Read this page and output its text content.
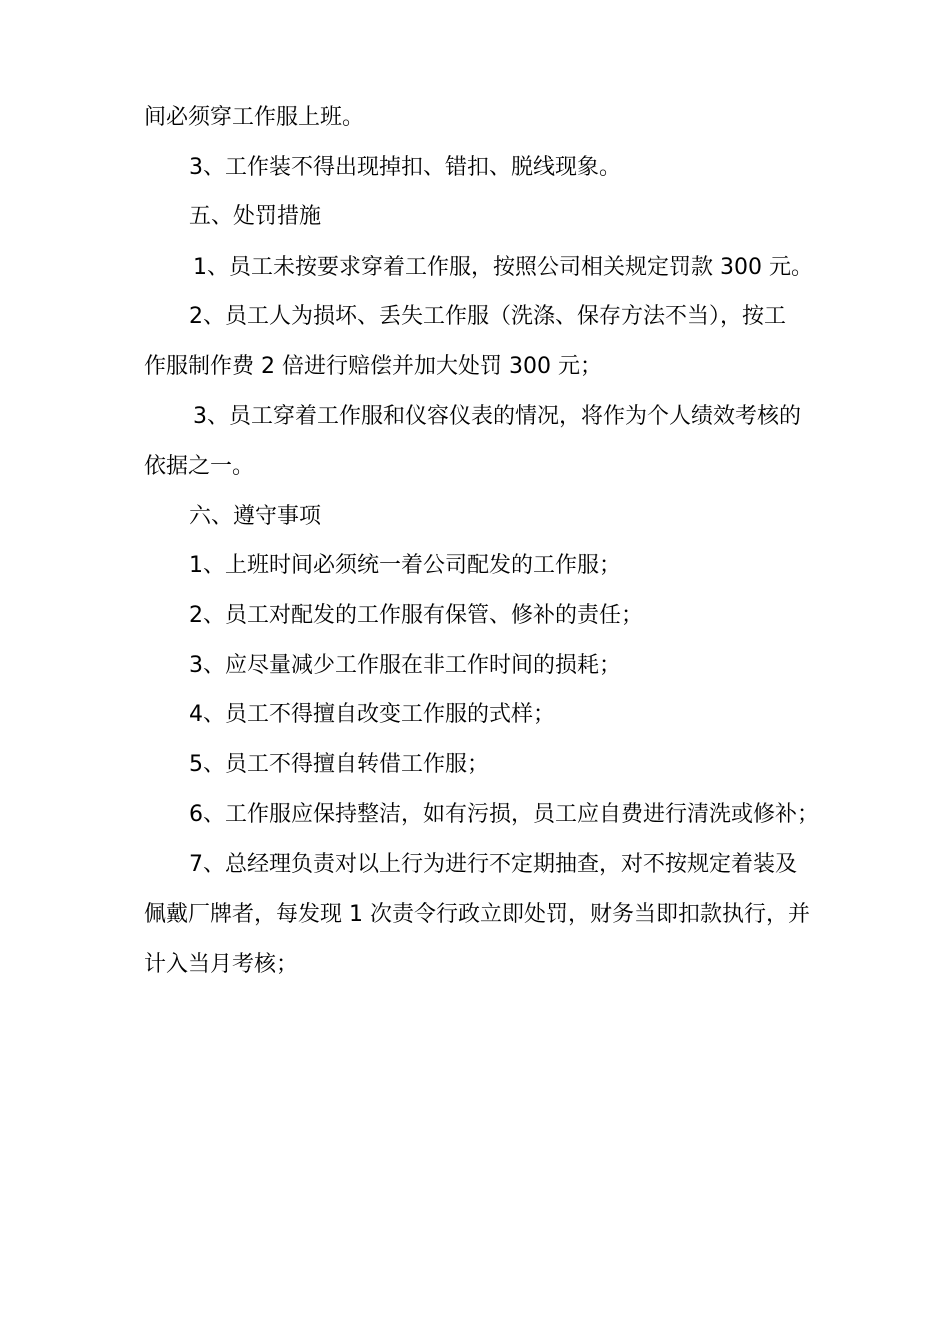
间必须穿工作服上班。
3、工作装不得出现掉扣、错扣、脱线现象。
五、处罚措施
1、员工未按要求穿着工作服，按照公司相关规定罚款 300 元。
2、员工人为损坏、丢失工作服（洗涤、保存方法不当），按工
作服制作费 2 倍进行赔偿并加大处罚 300 元；
3、员工穿着工作服和仪容仪表的情况，将作为个人绩效考核的
依据之一。
六、遵守事项
1、上班时间必须统一着公司配发的工作服；
2、员工对配发的工作服有保管、修补的责任；
3、应尽量减少工作服在非工作时间的损耗；
4、员工不得擅自改变工作服的式样；
5、员工不得擅自转借工作服；
6、工作服应保持整洁，如有污损，员工应自费进行清洗或修补；
7、总经理负责对以上行为进行不定期抽查，对不按规定着装及
佩戴厂牌者，每发现 1 次责令行政立即处罚，财务当即扣款执行，并
计入当月考核；
